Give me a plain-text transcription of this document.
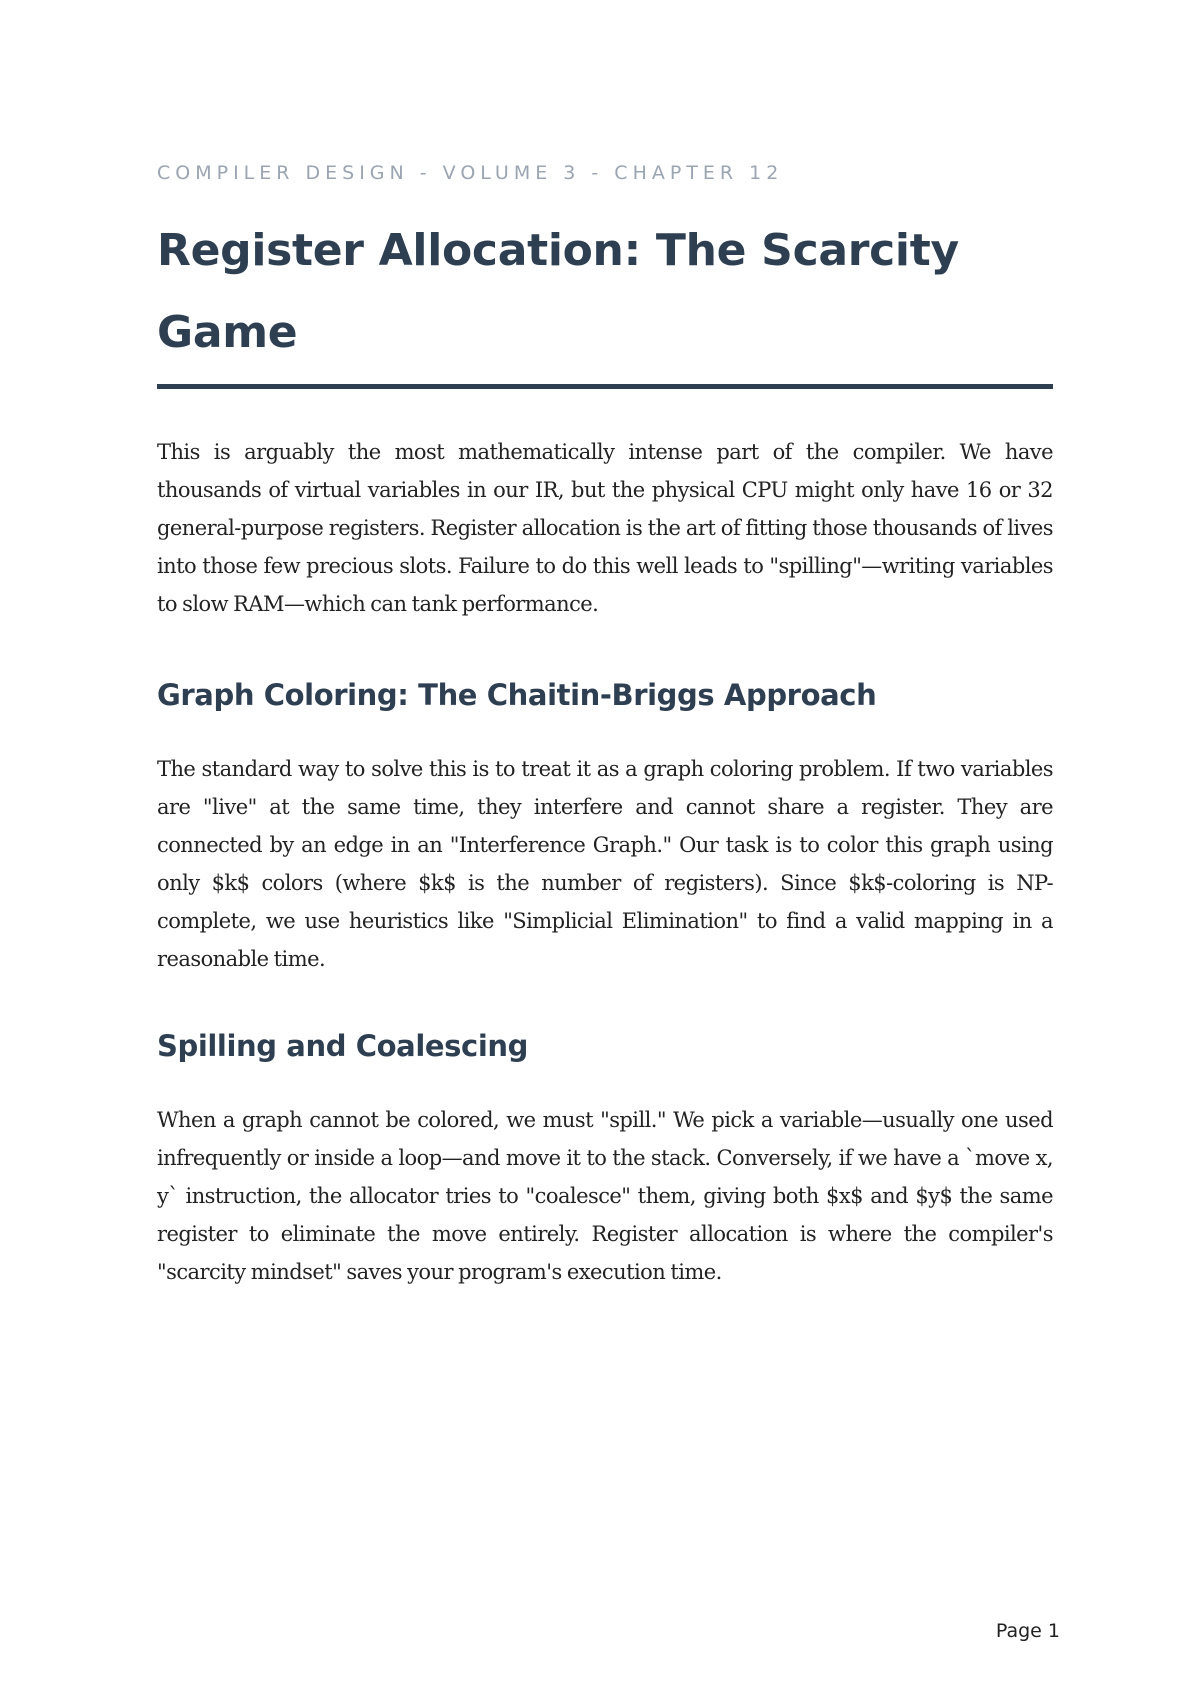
COMPILER DESIGN - VOLUME 3 - CHAPTER 12

Register Allocation: The Scarcity Game

This is arguably the most mathematically intense part of the compiler. We have thousands of virtual variables in our IR, but the physical CPU might only have 16 or 32 general-purpose registers. Register allocation is the art of fitting those thousands of lives into those few precious slots. Failure to do this well leads to "spilling"—writing variables to slow RAM—which can tank performance.

Graph Coloring: The Chaitin-Briggs Approach

The standard way to solve this is to treat it as a graph coloring problem. If two variables are "live" at the same time, they interfere and cannot share a register. They are connected by an edge in an "Interference Graph." Our task is to color this graph using only $k$ colors (where $k$ is the number of registers). Since $k$-coloring is NP-complete, we use heuristics like "Simplicial Elimination" to find a valid mapping in a reasonable time.

Spilling and Coalescing

When a graph cannot be colored, we must "spill." We pick a variable—usually one used infrequently or inside a loop—and move it to the stack. Conversely, if we have a `move x, y` instruction, the allocator tries to "coalesce" them, giving both $x$ and $y$ the same register to eliminate the move entirely. Register allocation is where the compiler's "scarcity mindset" saves your program's execution time.

Page 1
